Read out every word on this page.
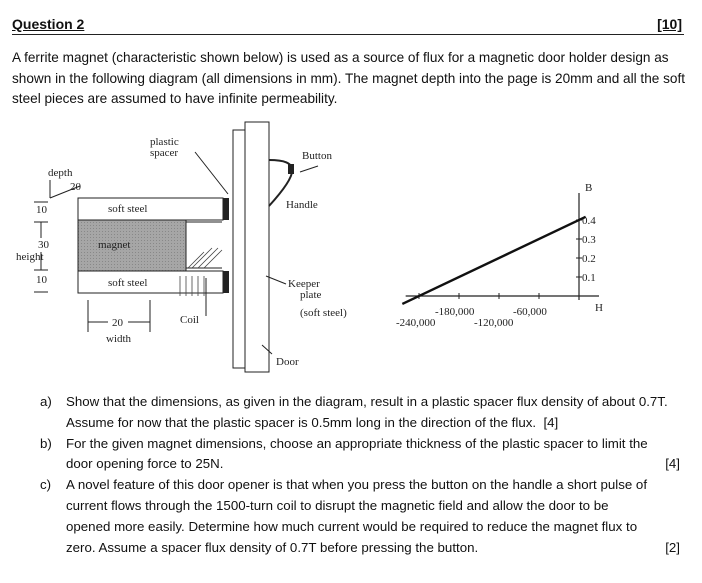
Question 2	[10]
A ferrite magnet (characteristic shown below) is used as a source of flux for a magnetic door holder design as shown in the following diagram (all dimensions in mm). The magnet depth into the page is 20mm and all the soft steel pieces are assumed to have infinite permeability.
depth
20
10
30
height
10
plastic
spacer
soft steel
magnet
soft steel
Coil
20
width
Door
Button
Handle
Keeper
plate
(soft steel)
B
H
0.1
0.2
0.3
0.4
-240,000
-180,000
-120,000
-60,000
a) Show that the dimensions, as given in the diagram, result in a plastic spacer flux density of about 0.7T. Assume for now that the plastic spacer is 0.5mm long in the direction of the flux. [4]
b) For the given magnet dimensions, choose an appropriate thickness of the plastic spacer to limit the door opening force to 25N.	[4]
c) A novel feature of this door opener is that when you press the button on the handle a short pulse of current flows through the 1500-turn coil to disrupt the magnetic field and allow the door to be opened more easily. Determine how much current would be required to reduce the magnet flux to zero. Assume a spacer flux density of 0.7T before pressing the button.	[2]
